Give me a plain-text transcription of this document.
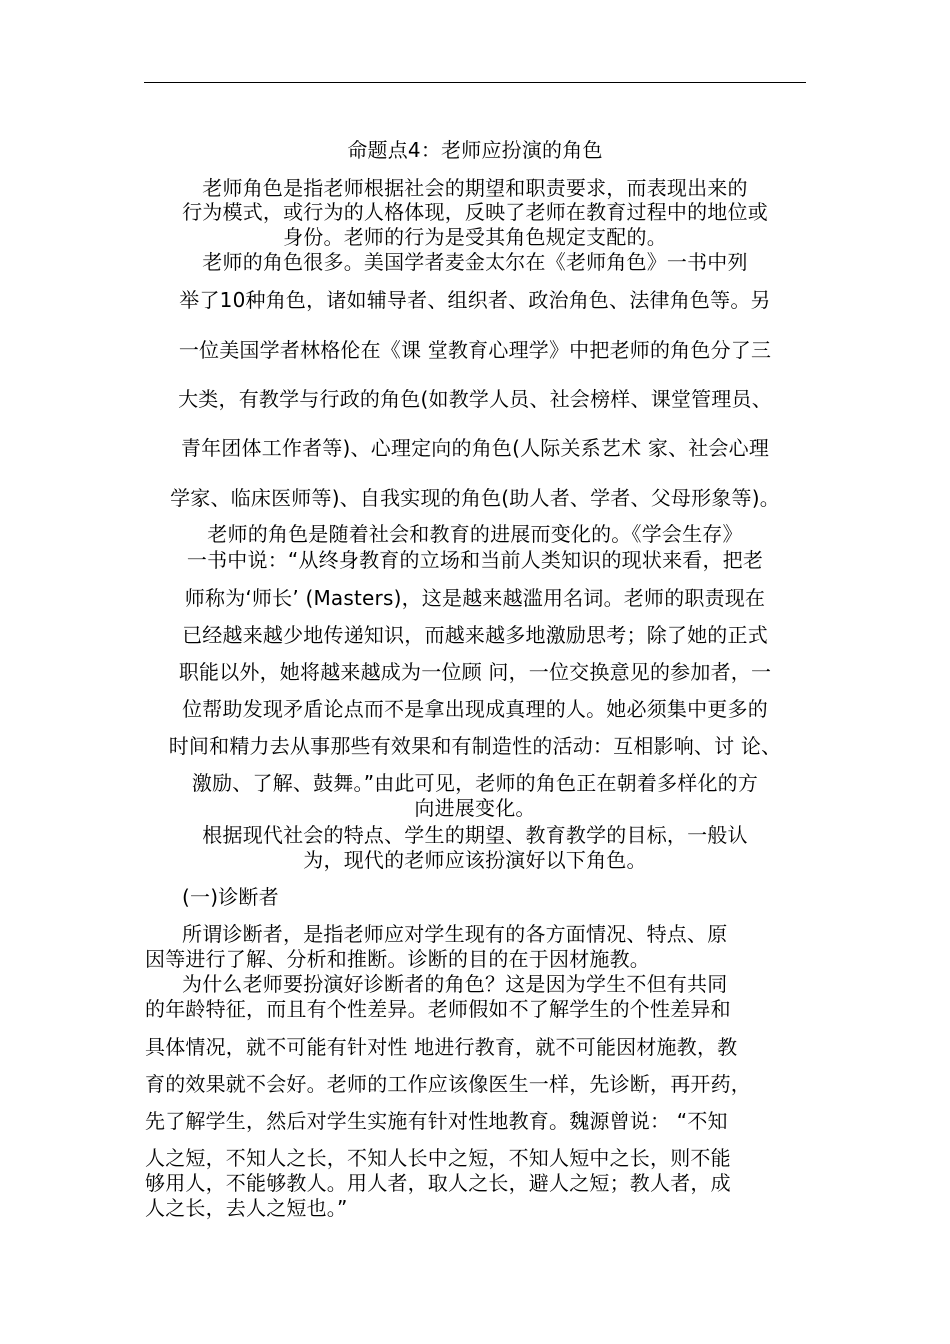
命题点4：老师应扮演的角色
老师角色是指老师根据社会的期望和职责要求，而表现出来的
行为模式，或行为的人格体现，反映了老师在教育过程中的地位或
身份。老师的行为是受其角色规定支配的。
老师的角色很多。美国学者麦金太尔在《老师角色》一书中列
举了10种角色，诸如辅导者、组织者、政治角色、法律角色等。另
一位美国学者林格伦在《课 堂教育心理学》中把老师的角色分了三
大类，有教学与行政的角色(如教学人员、社会榜样、课堂管理员、
青年团体工作者等)、心理定向的角色(人际关系艺术 家、社会心理
学家、临床医师等)、自我实现的角色(助人者、学者、父母形象等)。
老师的角色是随着社会和教育的进展而变化的。《学会生存》
一书中说：“从终身教育的立场和当前人类知识的现状来看，把老
师称为‘师长’ (Masters)，这是越来越滥用名词。老师的职责现在
已经越来越少地传递知识，而越来越多地激励思考；除了她的正式
职能以外，她将越来越成为一位顾 问，一位交换意见的参加者，一
位帮助发现矛盾论点而不是拿出现成真理的人。她必须集中更多的
时间和精力去从事那些有效果和有制造性的活动：互相影响、讨 论、
激励、了解、鼓舞。”由此可见，老师的角色正在朝着多样化的方
向进展变化。
根据现代社会的特点、学生的期望、教育教学的目标，一般认
为，现代的老师应该扮演好以下角色。
(一)诊断者
所谓诊断者，是指老师应对学生现有的各方面情况、特点、原
因等进行了解、分析和推断。诊断的目的在于因材施教。
为什么老师要扮演好诊断者的角色？这是因为学生不但有共同
的年龄特征，而且有个性差异。老师假如不了解学生的个性差异和
具体情况，就不可能有针对性 地进行教育，就不可能因材施教，教
育的效果就不会好。老师的工作应该像医生一样，先诊断，再开药，
先了解学生，然后对学生实施有针对性地教育。魏源曾说： “不知
人之短，不知人之长，不知人长中之短，不知人短中之长，则不能
够用人，不能够教人。用人者，取人之长，避人之短；教人者，成
人之长，去人之短也。”
